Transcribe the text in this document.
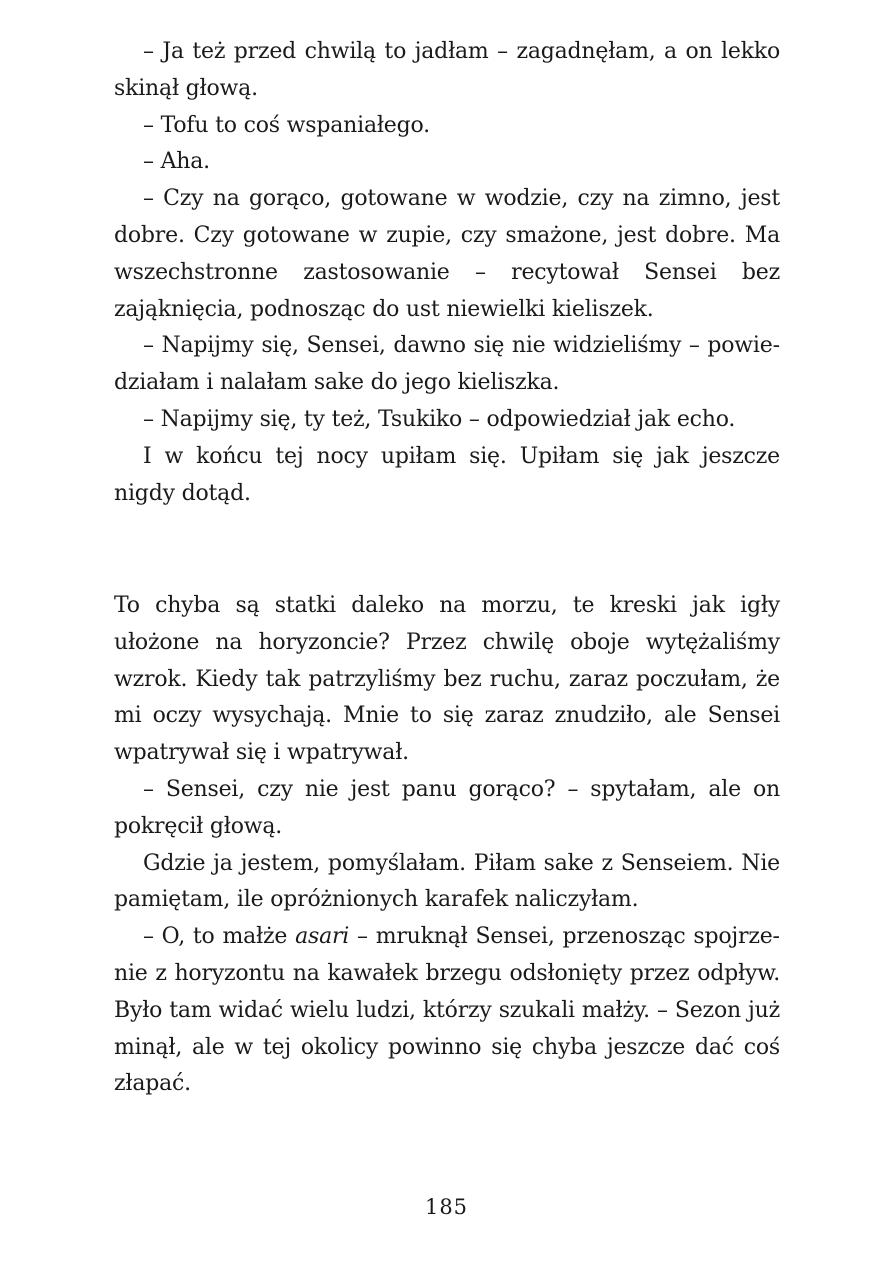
– Ja też przed chwilą to jadłam – zagadnęłam, a on lekko skinął głową.

– Tofu to coś wspaniałego.

– Aha.

– Czy na gorąco, gotowane w wodzie, czy na zimno, jest dobre. Czy gotowane w zupie, czy smażone, jest dobre. Ma wszechstronne zastosowanie – recytował Sensei bez zająknięcia, podnosząc do ust niewielki kieliszek.

– Napijmy się, Sensei, dawno się nie widzieliśmy – powiedziałam i nalałam sake do jego kieliszka.

– Napijmy się, ty też, Tsukiko – odpowiedział jak echo.

I w końcu tej nocy upiłam się. Upiłam się jak jeszcze nigdy dotąd.

To chyba są statki daleko na morzu, te kreski jak igły ułożone na horyzoncie? Przez chwilę oboje wytężaliśmy wzrok. Kiedy tak patrzyliśmy bez ruchu, zaraz poczułam, że mi oczy wysychają. Mnie to się zaraz znudziło, ale Sensei wpatrywał się i wpatrywał.

– Sensei, czy nie jest panu gorąco? – spytałam, ale on pokręcił głową.

Gdzie ja jestem, pomyślałam. Piłam sake z Senseiem. Nie pamiętam, ile opróżnionych karafek naliczyłam.

– O, to małże asari – mruknął Sensei, przenosząc spojrzenie z horyzontu na kawałek brzegu odsłonięty przez odpływ. Było tam widać wielu ludzi, którzy szukali małży. – Sezon już minął, ale w tej okolicy powinno się chyba jeszcze dać coś złapać.

185
